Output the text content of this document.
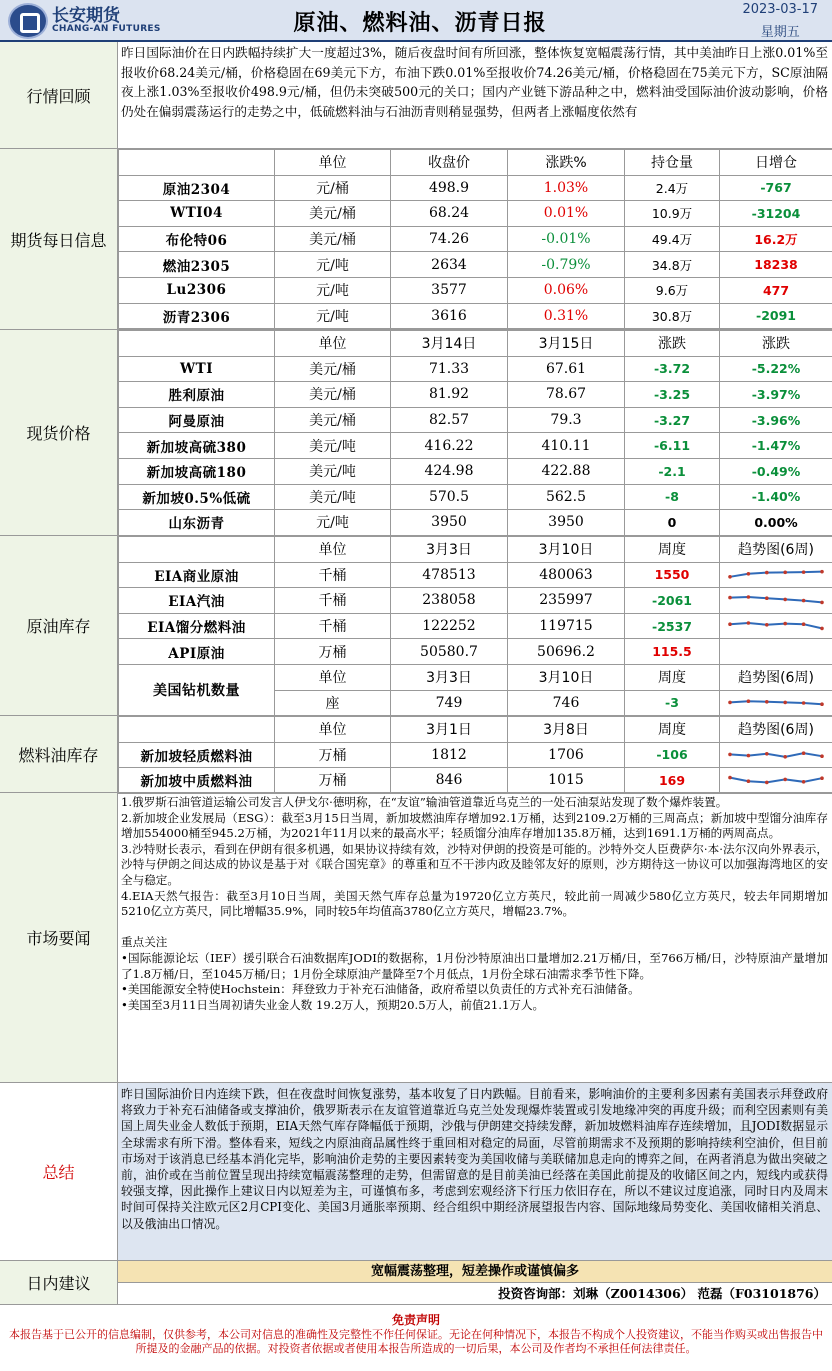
长安期货
CHANG-AN FUTURES	原油、燃料油、沥青日报
2023-03-17
星期五
行情回顾
昨日国际油价在日内跌幅持续扩大一度超过3%，随后夜盘时间有所回涨，整体恢复宽幅震荡行情，其中美油昨日上涨0.01%至报收价68.24美元/桶，价格稳固在69美元下方，布油下跌0.01%至报收价74.26美元/桶，价格稳固在75美元下方，SC原油隔夜上涨1.03%至报收价498.9元/桶，但仍未突破500元的关口；国内产业链下游品种之中，燃料油受国际油价波动影响，价格仍处在偏弱震荡运行的走势之中，低硫燃料油与石油沥青则稍显强势，但两者上涨幅度依然有
期货每日信息
	单位	收盘价	涨跌%	持仓量	日增仓
原油2304	元/桶	498.9	1.03%	2.4万	-767
WTI04	美元/桶	68.24	0.01%	10.9万	-31204
布伦特06	美元/桶	74.26	-0.01%	49.4万	16.2万
燃油2305	元/吨	2634	-0.79%	34.8万	18238
Lu2306	元/吨	3577	0.06%	9.6万	477
沥青2306	元/吨	3616	0.31%	30.8万	-2091
现货价格
	单位	3月14日	3月15日	涨跌	涨跌
WTI	美元/桶	71.33	67.61	-3.72	-5.22%
胜利原油	美元/桶	81.92	78.67	-3.25	-3.97%
阿曼原油	美元/桶	82.57	79.3	-3.27	-3.96%
新加坡高硫380	美元/吨	416.22	410.11	-6.11	-1.47%
新加坡高硫180	美元/吨	424.98	422.88	-2.1	-0.49%
新加坡0.5%低硫	美元/吨	570.5	562.5	-8	-1.40%
山东沥青	元/吨	3950	3950	0	0.00%
原油库存
	单位	3月3日	3月10日	周度	趋势图(6周)
EIA商业原油	千桶	478513	480063	1550	

EIA汽油	千桶	238058	235997	-2061	

EIA馏分燃料油	千桶	122252	119715	-2537	

API原油	万桶	50580.7	50696.2	115.5	
美国钻机数量	单位	3月3日	3月10日	周度	趋势图(6周)
	座	749	746	-3	
燃料油库存
	单位	3月1日	3月8日	周度	趋势图(6周)
新加坡轻质燃料油	万桶	1812	1706	-106	

新加坡中质燃料油	万桶	846	1015	169	
市场要闻

1.俄罗斯石油管道运输公司发言人伊戈尔·德明称，在“友谊”输油管道靠近乌克兰的一处石油泵站发现了数个爆炸装置。

2.新加坡企业发展局（ESG）：截至3月15日当周，新加坡燃油库存增加92.1万桶，达到2109.2万桶的三周高点；新加坡中型馏分油库存增加554000桶至945.2万桶，为2021年11月以来的最高水平；轻质馏分油库存增加135.8万桶，达到1691.1万桶的两周高点。

3.沙特财长表示，看到在伊朗有很多机遇，如果协议持续有效，沙特对伊朗的投资是可能的。沙特外交人臣费萨尔·本·法尔汉向外界表示，沙特与伊朗之间达成的协议是基于对《联合国宪章》的尊重和互不干涉内政及睦邻友好的原则，沙方期待这一协议可以加强海湾地区的安全与稳定。

4.EIA天然气报告：截至3月10日当周，美国天然气库存总量为19720亿立方英尺，较此前一周减少580亿立方英尺，较去年同期增加5210亿立方英尺，同比增幅35.9%，同时较5年均值高3780亿立方英尺，增幅23.7%。

重点关注

•国际能源论坛（IEF）援引联合石油数据库JODI的数据称，1月份沙特原油出口量增加2.21万桶/日，至766万桶/日，沙特原油产量增加了1.8万桶/日，至1045万桶/日；1月份全球原油产量降至7个月低点，1月份全球石油需求季节性下降。

•美国能源安全特使Hochstein：拜登致力于补充石油储备，政府希望以负责任的方式补充石油储备。

•美国至3月11日当周初请失业金人数 19.2万人，预期20.5万人，前值21.1万人。

总结
昨日国际油价日内连续下跌，但在夜盘时间恢复涨势，基本收复了日内跌幅。目前看来，影响油价的主要利多因素有美国表示拜登政府将致力于补充石油储备或支撑油价，俄罗斯表示在友谊管道靠近乌克兰处发现爆炸装置或引发地缘冲突的再度升级；而利空因素则有美国上周失业金人数低于预期，EIA天然气库存降幅低于预期，沙俄与伊朗建交持续发酵，新加坡燃料油库存连续增加，且JODI数据显示全球需求有所下滑。整体看来，短线之内原油商品属性终于重回相对稳定的局面，尽管前期需求不及预期的影响持续利空油价，但目前市场对于该消息已经基本消化完毕，影响油价走势的主要因素转变为美国收储与美联储加息走向的博弈之间，在两者消息为做出突破之前，油价或在当前位置呈现出持续宽幅震荡整理的走势，但需留意的是目前美油已经落在美国此前提及的收储区间之内，短线内或获得较强支撑，因此操作上建议日内以短差为主，可谨慎布多，考虑到宏观经济下行压力依旧存在，所以不建议过度追涨，同时日内及周末时间可保持关注欧元区2月CPI变化、美国3月通胀率预期、经合组织中期经济展望报告内容、国际地缘局势变化、美国收储相关消息、以及俄油出口情况。
日内建议
宽幅震荡整理，短差操作或谨慎偏多
投资咨询部：刘琳（Z0014306） 范磊（F03101876）
免责声明
本报告基于已公开的信息编制，仅供参考，本公司对信息的准确性及完整性不作任何保证。无论在何种情况下，本报告不构成个人投资建议，不能当作购买或出售报告中所提及的金融产品的依据。对投资者依据或者使用本报告所造成的一切后果，本公司及作者均不承担任何法律责任。
